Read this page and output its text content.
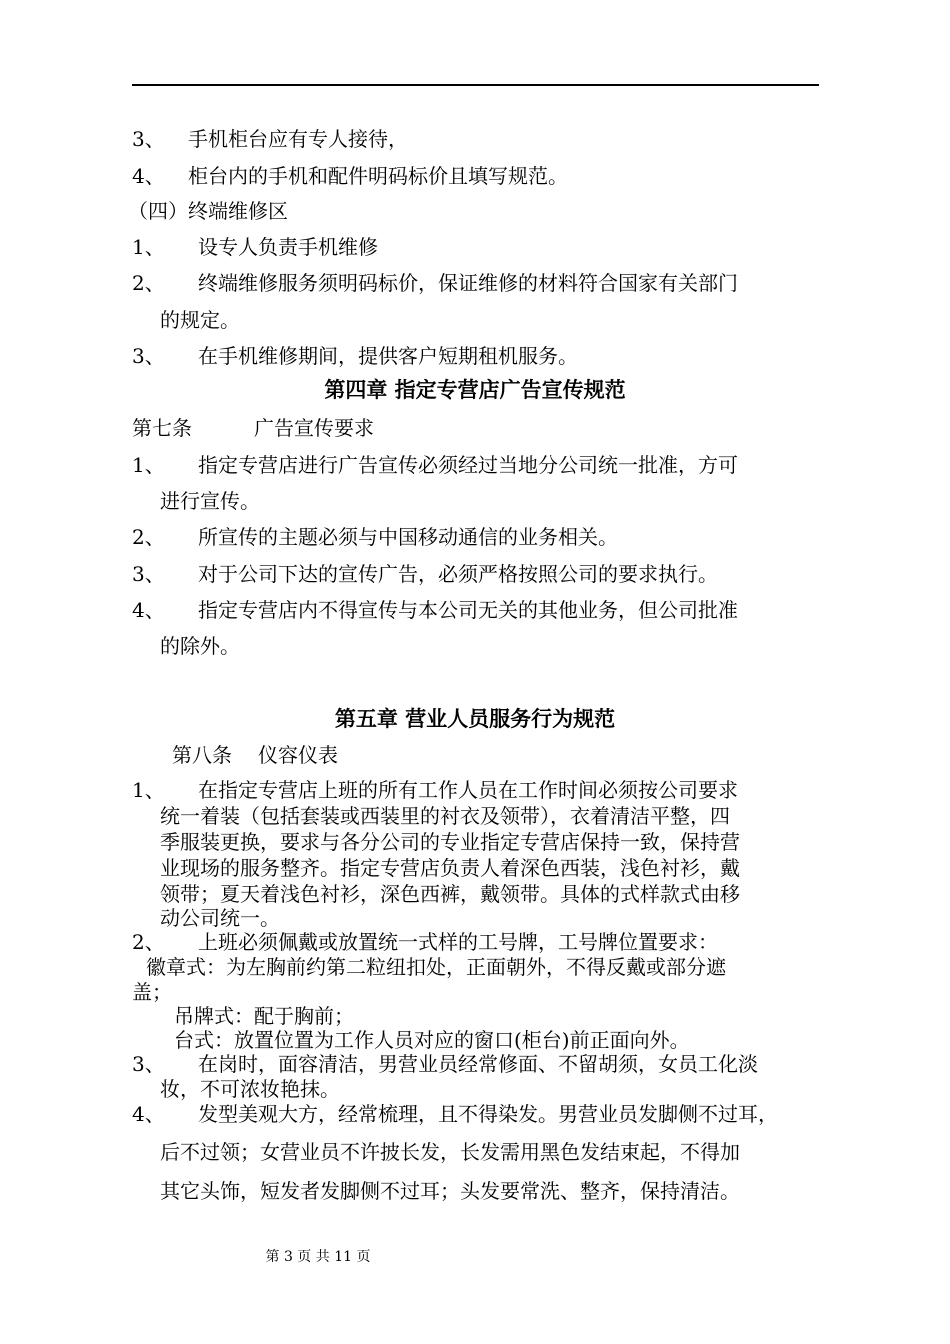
3、 手机柜台应有专人接待，
4、 柜台内的手机和配件明码标价且填写规范。
（四）终端维修区
1、 设专人负责手机维修
2、 终端维修服务须明码标价，保证维修的材料符合国家有关部门
的规定。
3、 在手机维修期间，提供客户短期租机服务。
第四章 指定专营店广告宣传规范
第七条	广告宣传要求
1、 指定专营店进行广告宣传必须经过当地分公司统一批准，方可
进行宣传。
2、 所宣传的主题必须与中国移动通信的业务相关。
3、 对于公司下达的宣传广告，必须严格按照公司的要求执行。
4、 指定专营店内不得宣传与本公司无关的其他业务，但公司批准
的除外。
第五章 营业人员服务行为规范
第八条 仪容仪表
1、 在指定专营店上班的所有工作人员在工作时间必须按公司要求
统一着装（包括套装或西装里的衬衣及领带），衣着清洁平整，四
季服装更换，要求与各分公司的专业指定专营店保持一致，保持营
业现场的服务整齐。指定专营店负责人着深色西装，浅色衬衫，戴
领带；夏天着浅色衬衫，深色西裤，戴领带。具体的式样款式由移
动公司统一。
2、 上班必须佩戴或放置统一式样的工号牌，工号牌位置要求：
徽章式：为左胸前约第二粒纽扣处，正面朝外，不得反戴或部分遮
盖；
吊牌式：配于胸前；
台式：放置位置为工作人员对应的窗口(柜台)前正面向外。
3、 在岗时，面容清洁，男营业员经常修面、不留胡须，女员工化淡
妆，不可浓妆艳抹。
4、 发型美观大方，经常梳理，且不得染发。男营业员发脚侧不过耳，
后不过领；女营业员不许披长发，长发需用黑色发结束起，不得加
其它头饰，短发者发脚侧不过耳；头发要常洗、整齐，保持清洁。
第 3 页 共 11 页
